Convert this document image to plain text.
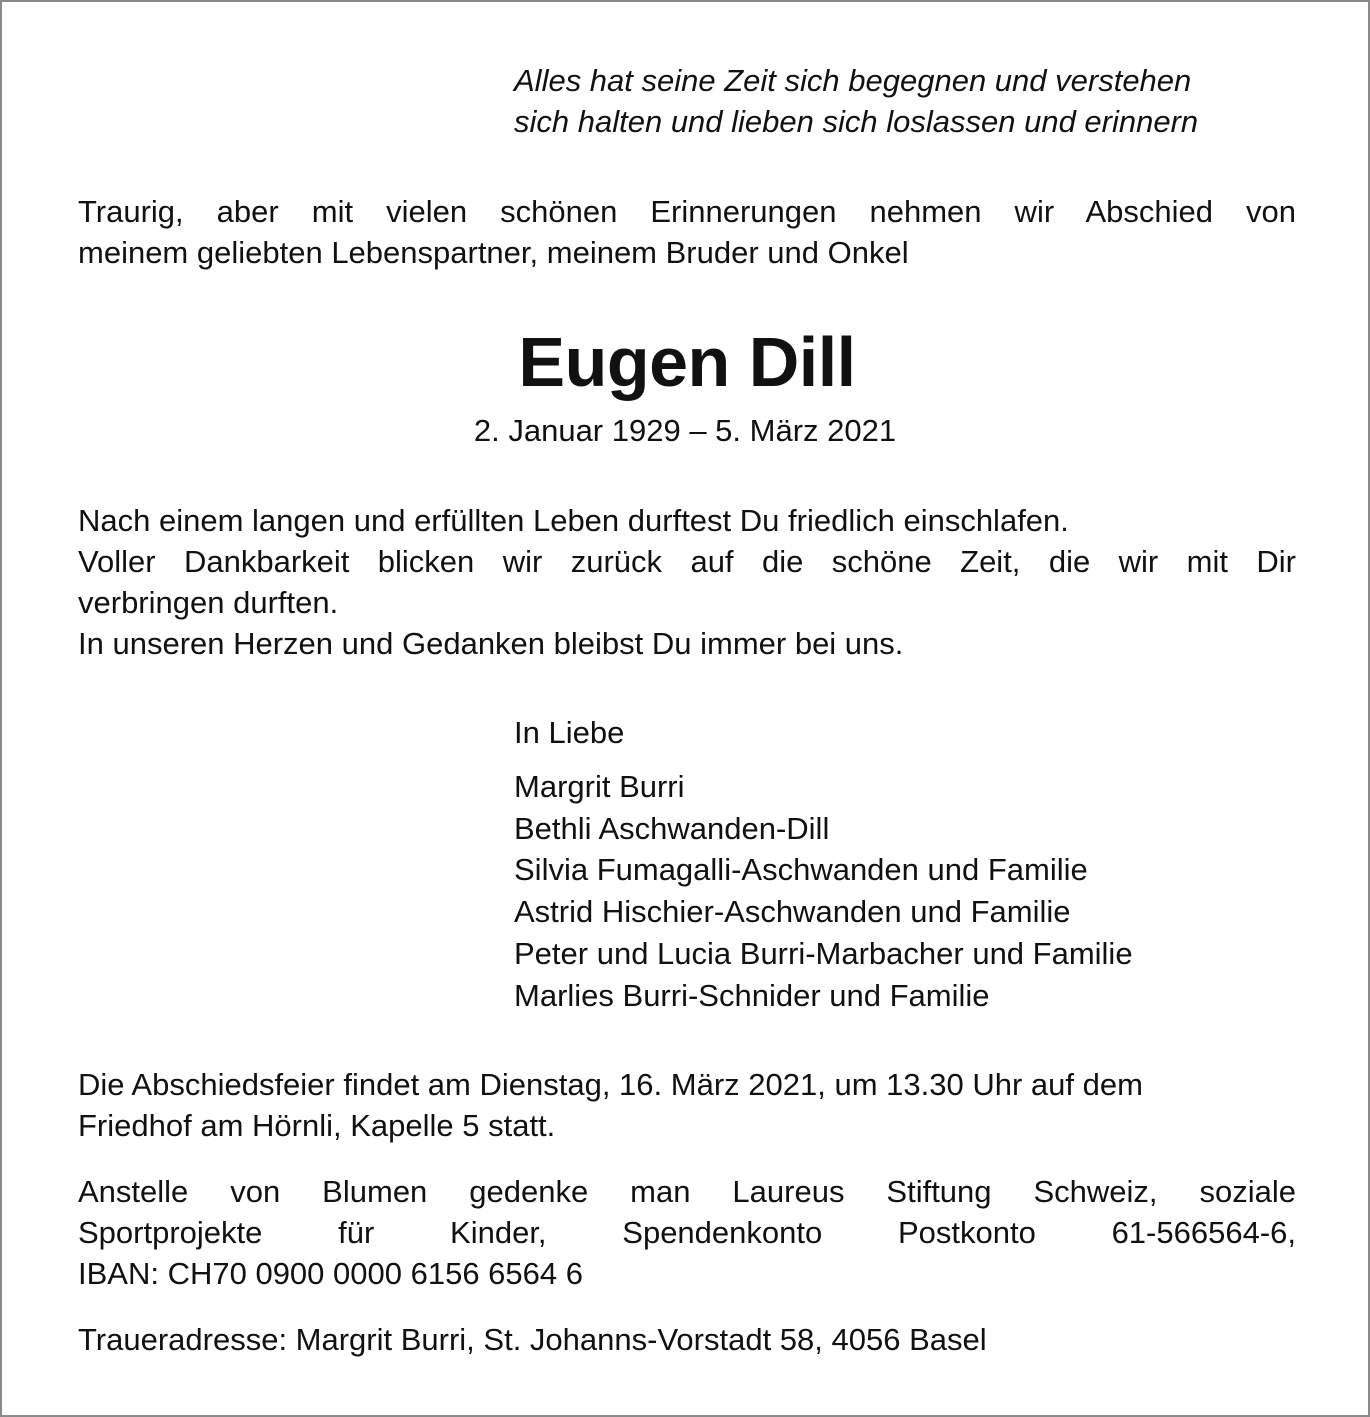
Alles hat seine Zeit sich begegnen und verstehen
sich halten und lieben sich loslassen und erinnern
Traurig, aber mit vielen schönen Erinnerungen nehmen wir Abschied von
meinem geliebten Lebenspartner, meinem Bruder und Onkel
Eugen Dill
2. Januar 1929 – 5. März 2021
Nach einem langen und erfüllten Leben durftest Du friedlich einschlafen.
Voller Dankbarkeit blicken wir zurück auf die schöne Zeit, die wir mit Dir
verbringen durften.
In unseren Herzen und Gedanken bleibst Du immer bei uns.
In Liebe
Margrit Burri
Bethli Aschwanden-Dill
Silvia Fumagalli-Aschwanden und Familie
Astrid Hischier-Aschwanden und Familie
Peter und Lucia Burri-Marbacher und Familie
Marlies Burri-Schnider und Familie
Die Abschiedsfeier findet am Dienstag, 16. März 2021, um 13.30 Uhr auf dem
Friedhof am Hörnli, Kapelle 5 statt.
Anstelle von Blumen gedenke man Laureus Stiftung Schweiz, soziale
Sportprojekte für Kinder, Spendenkonto Postkonto 61-566564-6,
IBAN: CH70 0900 0000 6156 6564 6
Traueradresse: Margrit Burri, St. Johanns-Vorstadt 58, 4056 Basel
